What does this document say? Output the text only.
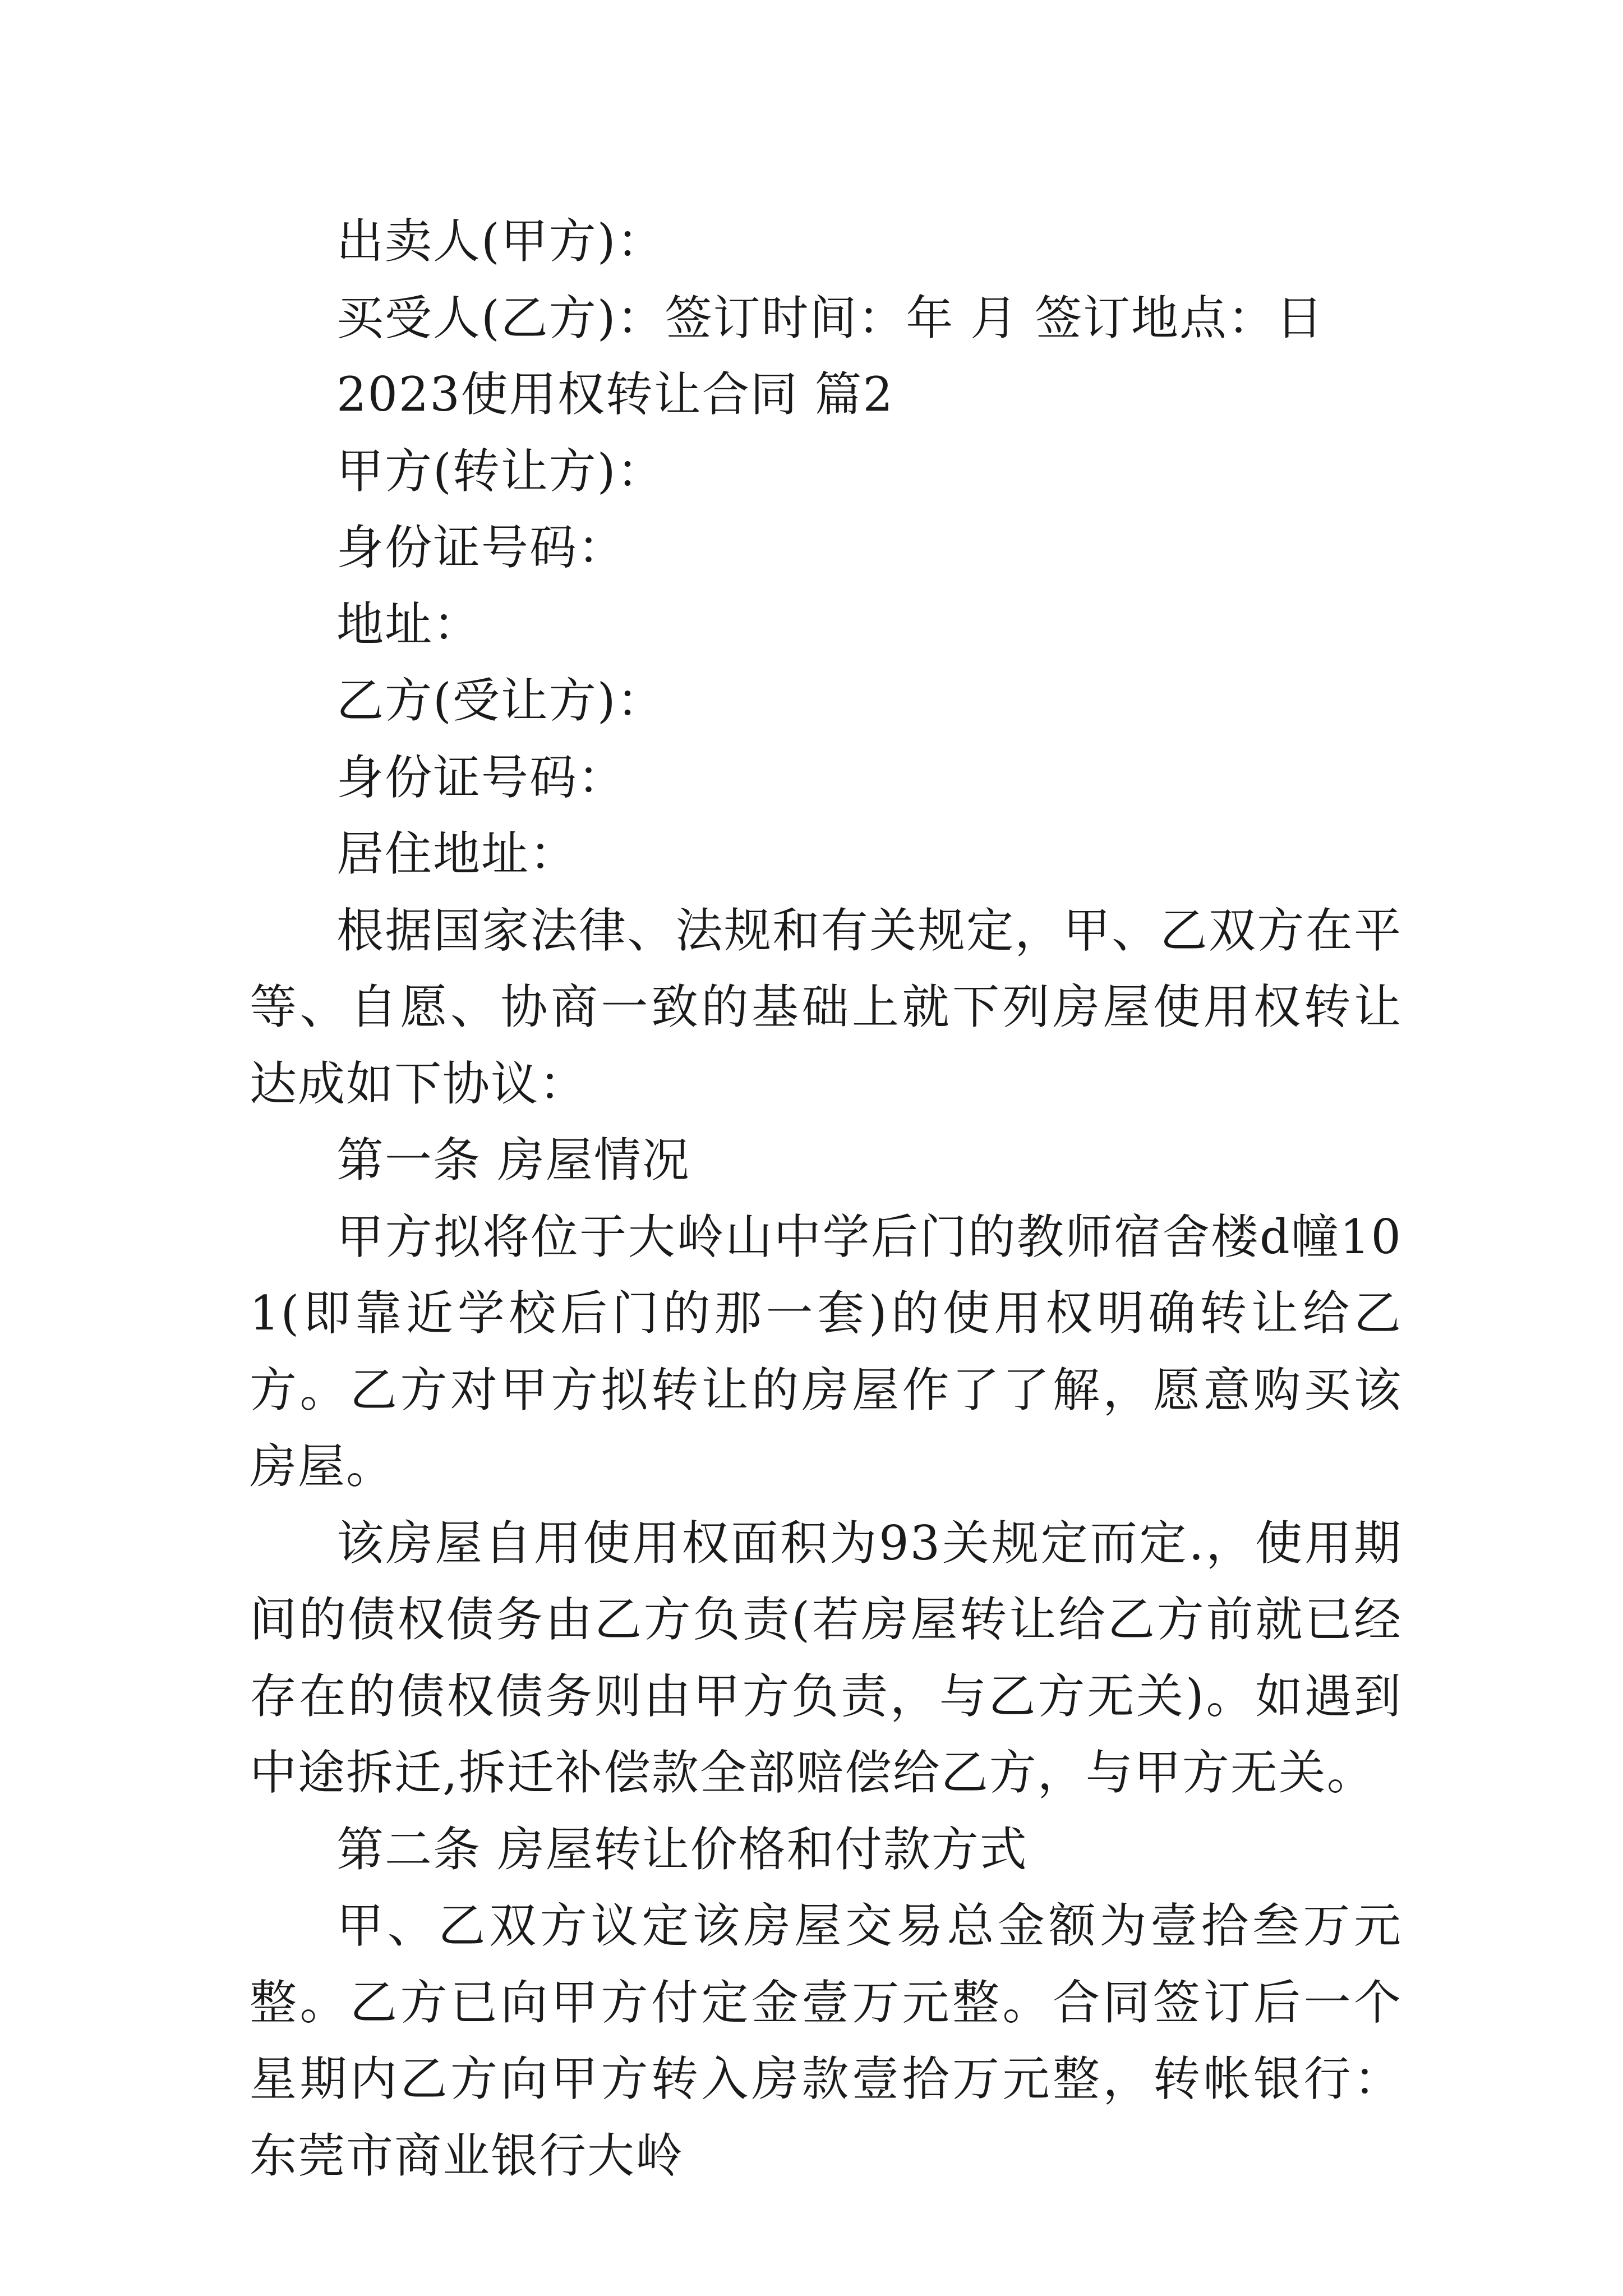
出卖人(甲方)：
买受人(乙方)：签订时间：年 月 签订地点：日
2023使用权转让合同 篇2
甲方(转让方)：
身份证号码：
地址：
乙方(受让方)：
身份证号码：
居住地址：

根据国家法律、法规和有关规定，甲、乙双方在平等、自愿、协商一致的基础上就下列房屋使用权转让达成如下协议：

第一条 房屋情况

甲方拟将位于大岭山中学后门的教师宿舍楼d幢101(即靠近学校后门的那一套)的使用权明确转让给乙方。乙方对甲方拟转让的房屋作了了解，愿意购买该房屋。

该房屋自用使用权面积为93关规定而定.，使用期间的债权债务由乙方负责(若房屋转让给乙方前就已经存在的债权债务则由甲方负责，与乙方无关)。如遇到中途拆迁,拆迁补偿款全部赔偿给乙方，与甲方无关。

第二条 房屋转让价格和付款方式

甲、乙双方议定该房屋交易总金额为壹拾叁万元整。乙方已向甲方付定金壹万元整。合同签订后一个星期内乙方向甲方转入房款壹拾万元整，转帐银行：东莞市商业银行大岭
